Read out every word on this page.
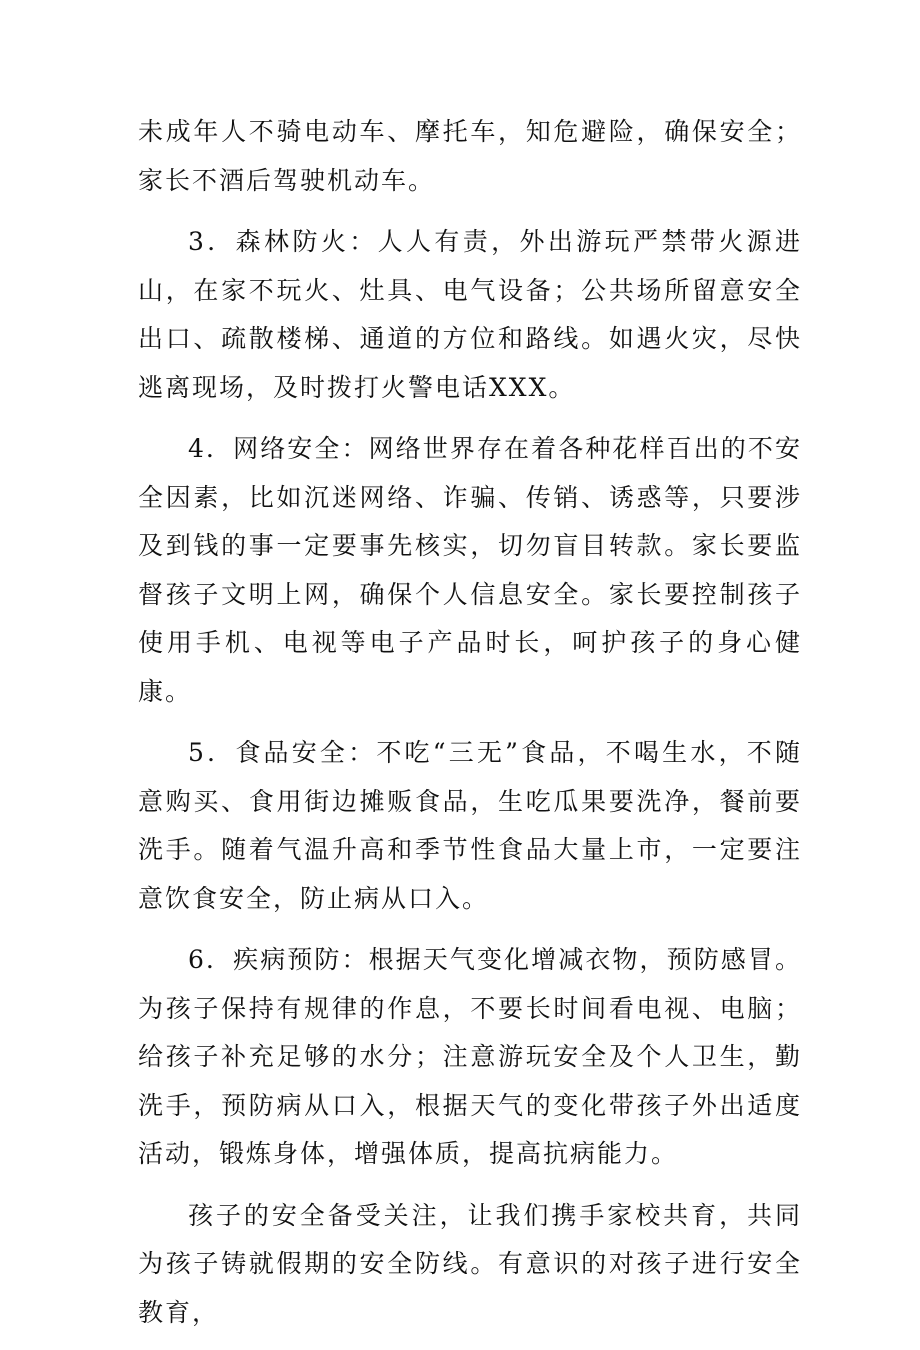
未成年人不骑电动车、摩托车，知危避险，确保安全；家长不酒后驾驶机动车。

3．森林防火：人人有责，外出游玩严禁带火源进山，在家不玩火、灶具、电气设备；公共场所留意安全出口、疏散楼梯、通道的方位和路线。如遇火灾，尽快逃离现场，及时拨打火警电话XXX。

4．网络安全：网络世界存在着各种花样百出的不安全因素，比如沉迷网络、诈骗、传销、诱惑等，只要涉及到钱的事一定要事先核实，切勿盲目转款。家长要监督孩子文明上网，确保个人信息安全。家长要控制孩子使用手机、电视等电子产品时长，呵护孩子的身心健康。

5．食品安全：不吃“三无”食品，不喝生水，不随意购买、食用街边摊贩食品，生吃瓜果要洗净，餐前要洗手。随着气温升高和季节性食品大量上市，一定要注意饮食安全，防止病从口入。

6．疾病预防：根据天气变化增减衣物，预防感冒。为孩子保持有规律的作息，不要长时间看电视、电脑；给孩子补充足够的水分；注意游玩安全及个人卫生，勤洗手，预防病从口入，根据天气的变化带孩子外出适度活动，锻炼身体，增强体质，提高抗病能力。

孩子的安全备受关注，让我们携手家校共育，共同为孩子铸就假期的安全防线。有意识的对孩子进行安全教育，
